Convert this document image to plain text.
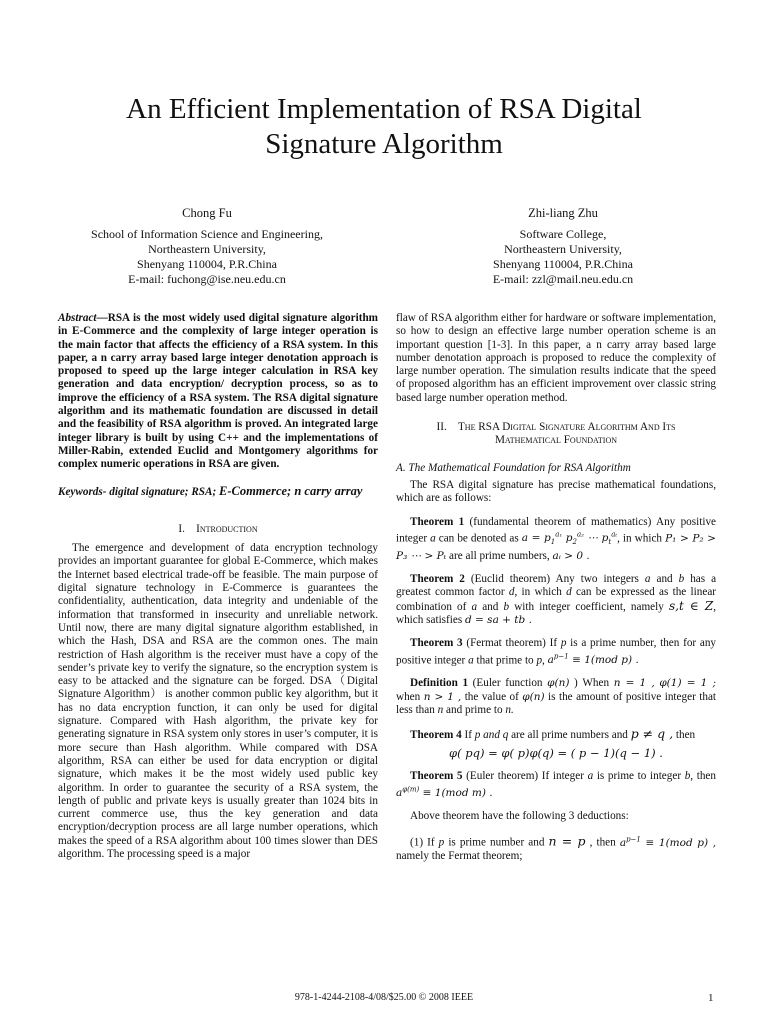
An Efficient Implementation of RSA Digital
Signature Algorithm
Chong Fu
School of Information Science and Engineering,
Northeastern University,
Shenyang 110004, P.R.China
E-mail: fuchong@ise.neu.edu.cn
Zhi-liang Zhu
Software College,
Northeastern University,
Shenyang 110004, P.R.China
E-mail: zzl@mail.neu.edu.cn

Abstract—RSA is the most widely used digital signature algorithm in E-Commerce and the complexity of large integer operation is the main factor that affects the efficiency of a RSA system. In this paper, a n carry array based large integer denotation approach is proposed to speed up the large integer calculation in RSA key generation and data encryption/ decryption process, so as to improve the efficiency of a RSA system. The RSA digital signature algorithm and its mathematic foundation are discussed in detail and the feasibility of RSA algorithm is proved. An integrated large integer library is built by using C++ and the implementations of Miller-Rabin, extended Euclid and Montgomery algorithms for complex numeric operations in RSA are given.

Keywords- digital signature; RSA; E-Commerce; n carry array

I. Introduction

The emergence and development of data encryption technology provides an important guarantee for global E-Commerce, which makes the Internet based electrical trade-off be feasible. The main purpose of digital signature technology in E-Commerce is guarantees the confidentiality, authentication, data integrity and undeniable of the information that transformed in insecurity and unreliable network. Until now, there are many digital signature algorithm established, in which the Hash, DSA and RSA are the common ones. The main restriction of Hash algorithm is the receiver must have a copy of the sender’s private key to verify the signature, so the encryption system is easy to be attacked and the signature can be forged. DSA（Digital Signature Algorithm） is another common public key algorithm, but it has no data encryption function, it can only be used for digital signature. Compared with Hash algorithm, the private key for generating signature in RSA system only stores in user’s computer, it is more secure than Hash algorithm. While compared with DSA algorithm, RSA can either be used for data encryption or digital signature, which makes it be the most widely used public key algorithm. In order to guarantee the security of a RSA system, the length of public and private keys is usually greater than 1024 bits in current commerce use, thus the key generation and data encryption/decryption process are all large number operations, which makes the speed of a RSA algorithm about 100 times slower than DES algorithm. The processing speed is a major

flaw of RSA algorithm either for hardware or software implementation, so how to design an effective large number operation scheme is an important question [1-3]. In this paper, a n carry array based large number denotation approach is proposed to reduce the complexity of large number operation. The simulation results indicate that the speed of proposed algorithm has an efficient improvement over classic string based large number operation method.

II. The RSA Digital Signature Algorithm And Its
Mathematical Foundation
A. The Mathematical Foundation for RSA Algorithm

The RSA digital signature has precise mathematical foundations, which are as follows:

Theorem 1 (fundamental theorem of mathematics) Any positive integer a can be denoted as $a = p_1^{a_1}$ $p_2^{a_2}$ ⋯ $p_t^{a_t}$, in which P₁ > P₂ > P₃ ⋯ > Pₜ are all prime numbers, aᵢ > 0 .

Theorem 2 (Euclid theorem) Any two integers a and b has a greatest common factor d, in which d can be expressed as the linear combination of a and b with integer coefficient, namely s,t ∈ Z, which satisfies d = sa + tb .

Theorem 3 (Fermat theorem) If p is a prime number, then for any positive integer a that prime to p, $a^{p-1} \equiv 1(mod$ p) .

Definition 1 (Euler function φ(n) ) When n = 1 , φ(1) = 1 ; when n > 1 , the value of φ(n) is the amount of positive integer that less than n and prime to n.

Theorem 4 If p and q are all prime numbers and p ≠ q , then

φ( pq) = φ( p)φ(q) = ( p − 1)(q − 1) .

Theorem 5 (Euler theorem) If integer a is prime to integer b, then $a^{\varphi(m)} \equiv 1(mod$ m) .

Above theorem have the following 3 deductions:

(1) If p is prime number and n = p , then $a^{p-1} \equiv 1(mod$ p) , namely the Fermat theorem;

978-1-4244-2108-4/08/$25.00 © 2008 IEEE	1
